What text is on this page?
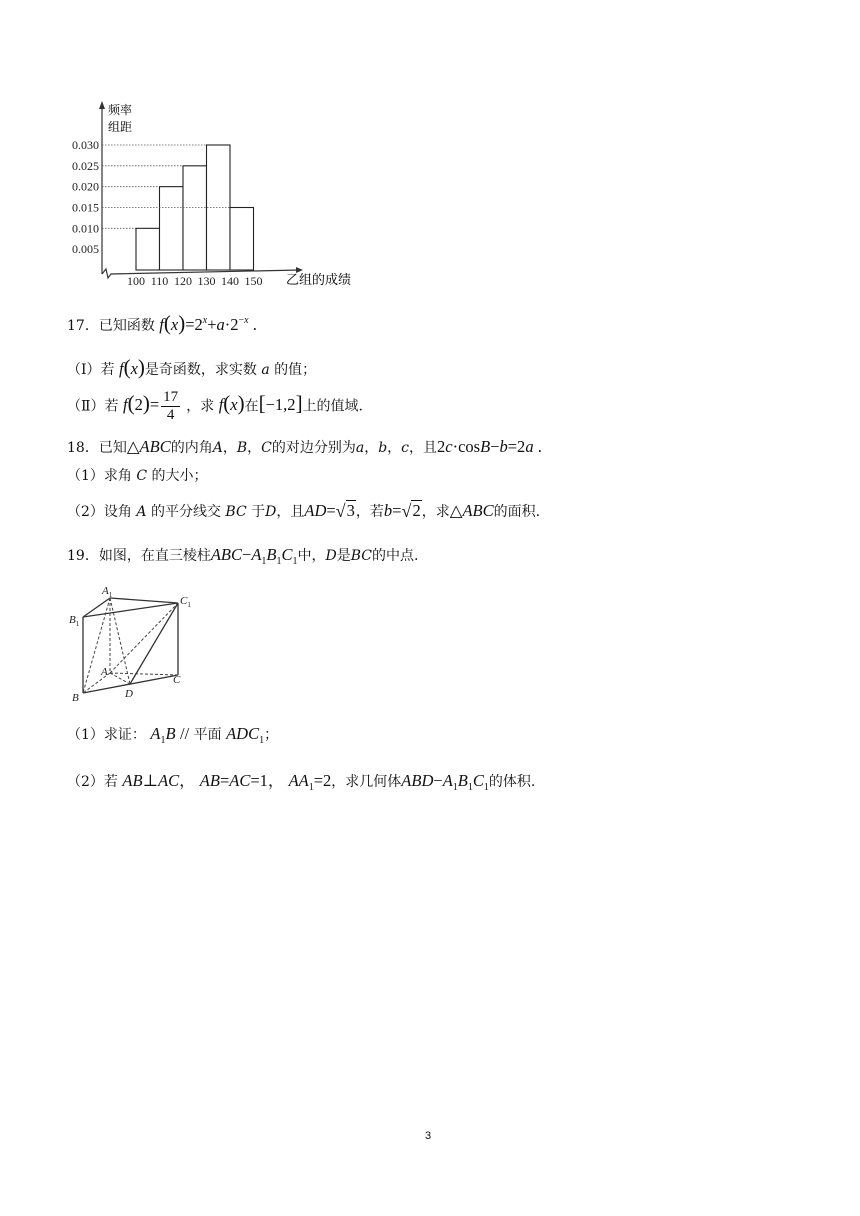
0.030
0.025
0.020
0.015
0.010
0.005
100 110 120 130 140 150
频率
组距
乙组的成绩
17．已知函数 $f(x)=2^x+a\cdot 2^{-x}$ .
（Ⅰ）若 f(x)是奇函数，求实数 a 的值；
（Ⅱ）若 $f(2)= \frac{17}{4}$ ，求 f(x)在[−1,2]上的值域.
18．已知△ABC的内角A，B，C的对边分别为a，b，c，且2c·cosB−b=2a .
（1）求角 C 的大小；
（2）设角 A 的平分线交 BC 于D，且AD= √ 3，若b= √ 2，求△ABC的面积.
19．如图，在直三棱柱$ABC-A_1B_1C_1$中，D是BC的中点.
$A_1$	$C_1$
$B_1$
A
B
C
D
（1）求证： $A_1B$ // 平面 $ADC_1$；
（2）若 AB⊥AC， AB=AC=1， $AA_1=2$，求几何体$ABD-A_1B_1C_1$的体积.
3
